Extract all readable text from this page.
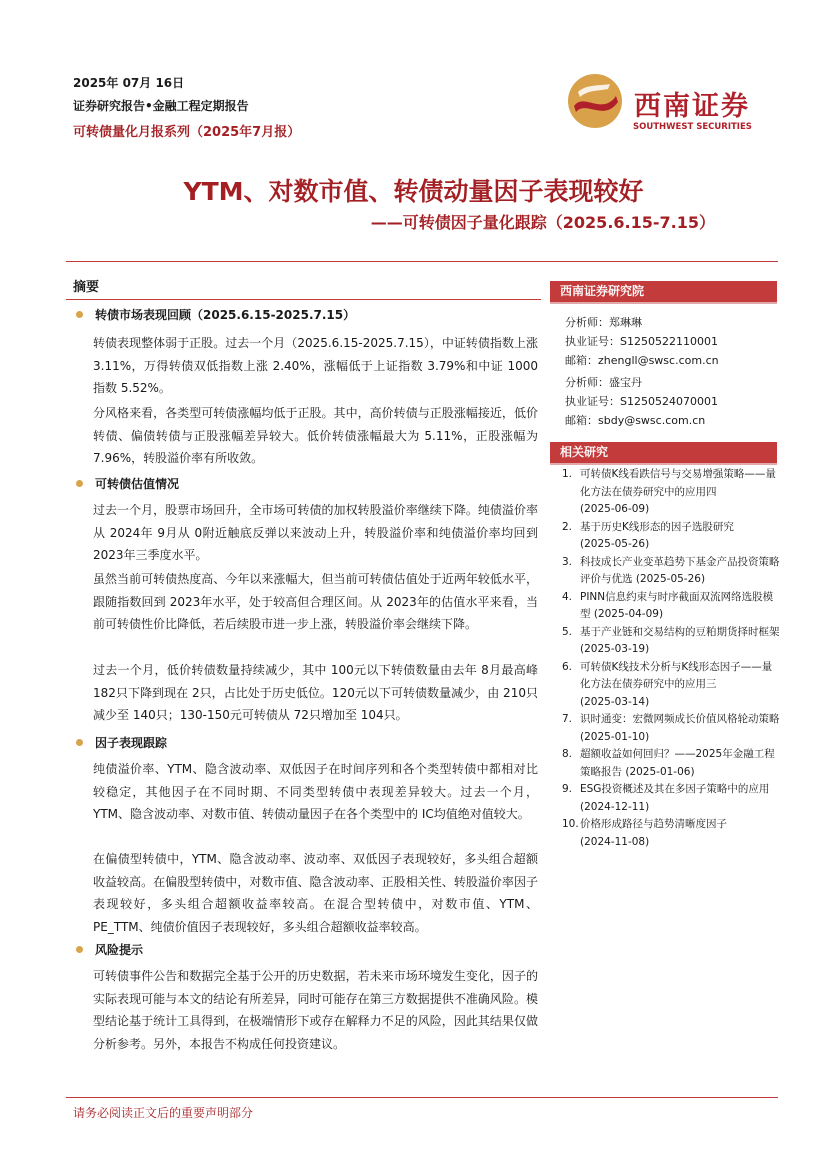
2025年 07月 16日
证券研究报告•金融工程定期报告
可转债量化月报系列（2025年7月报）
西南证券
SOUTHWEST SECURITIES
YTM、对数市值、转债动量因子表现较好
——可转债因子量化跟踪（2025.6.15-7.15）
摘要
转债市场表现回顾（2025.6.15-2025.7.15）

转债表现整体弱于正股。过去一个月（2025.6.15-2025.7.15），中证转债指数上涨 3.11%，万得转债双低指数上涨 2.40%，涨幅低于上证指数 3.79%和中证 1000 指数 5.52%。

分风格来看，各类型可转债涨幅均低于正股。其中，高价转债与正股涨幅接近，低价转债、偏债转债与正股涨幅差异较大。低价转债涨幅最大为 5.11%，正股涨幅为 7.96%，转股溢价率有所收敛。

可转债估值情况

过去一个月，股票市场回升，全市场可转债的加权转股溢价率继续下降。纯债溢价率从 2024年 9月从 0附近触底反弹以来波动上升，转股溢价率和纯债溢价率均回到 2023年三季度水平。

虽然当前可转债热度高、今年以来涨幅大，但当前可转债估值处于近两年较低水平，跟随指数回到 2023年水平，处于较高但合理区间。从 2023年的估值水平来看，当前可转债性价比降低，若后续股市进一步上涨，转股溢价率会继续下降。

过去一个月，低价转债数量持续减少，其中 100元以下转债数量由去年 8月最高峰 182只下降到现在 2只，占比处于历史低位。120元以下可转债数量减少，由 210只减少至 140只；130-150元可转债从 72只增加至 104只。

因子表现跟踪

纯债溢价率、YTM、隐含波动率、双低因子在时间序列和各个类型转债中都相对比较稳定，其他因子在不同时期、不同类型转债中表现差异较大。过去一个月，YTM、隐含波动率、对数市值、转债动量因子在各个类型中的 IC均值绝对值较大。

在偏债型转债中，YTM、隐含波动率、波动率、双低因子表现较好，多头组合超额收益较高。在偏股型转债中，对数市值、隐含波动率、正股相关性、转股溢价率因子表现较好，多头组合超额收益率较高。在混合型转债中，对数市值、YTM、PE_TTM、纯债价值因子表现较好，多头组合超额收益率较高。

风险提示

可转债事件公告和数据完全基于公开的历史数据，若未来市场环境发生变化，因子的实际表现可能与本文的结论有所差异，同时可能存在第三方数据提供不准确风险。模型结论基于统计工具得到，在极端情形下或存在解释力不足的风险，因此其结果仅做分析参考。另外，本报告不构成任何投资建议。

西南证券研究院
分析师：郑琳琳
执业证号：S1250522110001
邮箱：zhengll@swsc.com.cn
分析师：盛宝丹
执业证号：S1250524070001
邮箱：sbdy@swsc.com.cn
相关研究
1. 可转债K线看跌信号与交易增强策略——量化方法在债券研究中的应用四
(2025-06-09)
2. 基于历史K线形态的因子选股研究
(2025-05-26)
3. 科技成长产业变革趋势下基金产品投资策略评价与优选 (2025-05-26)
4. PINN信息约束与时序截面双流网络选股模型 (2025-04-09)
5. 基于产业链和交易结构的豆粕期货择时框架 (2025-03-19)
6. 可转债K线技术分析与K线形态因子——量化方法在债券研究中的应用三
(2025-03-14)
7. 识时通变：宏微网频成长价值风格轮动策略 (2025-01-10)
8. 超额收益如何回归？——2025年金融工程策略报告 (2025-01-06)
9. ESG投资概述及其在多因子策略中的应用 (2024-12-11)
10. 价格形成路径与趋势清晰度因子
(2024-11-08)
请务必阅读正文后的重要声明部分
